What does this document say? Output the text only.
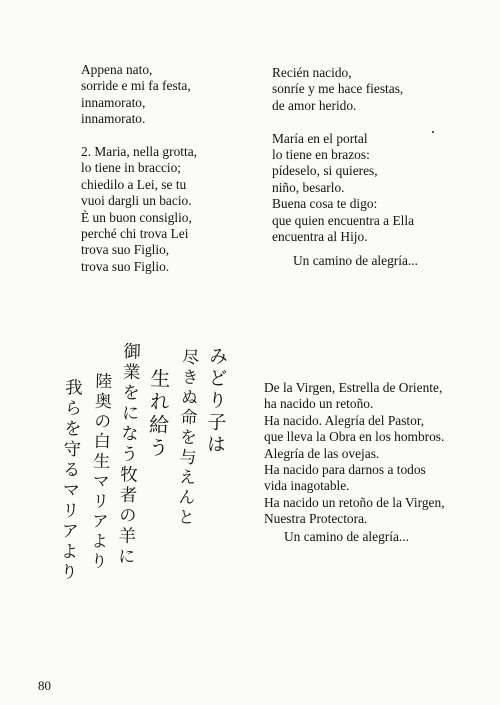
Appena nato,
sorride e mi fa festa,
innamorato,
innamorato.
2. Maria, nella grotta,
lo tiene in braccio;
chiedilo a Lei, se tu
vuoi dargli un bacio.
È un buon consiglio,
perché chi trova Lei
trova suo Figlio,
trova suo Figlio.
Recién nacido,
sonríe y me hace fiestas,
de amor herido.
María en el portal
lo tiene en brazos:
pídeselo, si quieres,
niño, besarlo.
Buena cosa te digo:
que quien encuentra a Ella
encuentra al Hijo.
Un camino de alegría...
みどり子は
尽きぬ命を与えんと
生れ給う
御業をになう牧者の羊に
陸奥の白生マリアより
我らを守るマリアより	De la Virgen, Estrella de Oriente,
ha nacido un retoño.
Ha nacido. Alegría del Pastor,
que lleva la Obra en los hombros.
Alegría de las ovejas.
Ha nacido para darnos a todos
vida inagotable.
Ha nacido un retoño de la Virgen,
Nuestra Protectora.
Un camino de alegría...
80
